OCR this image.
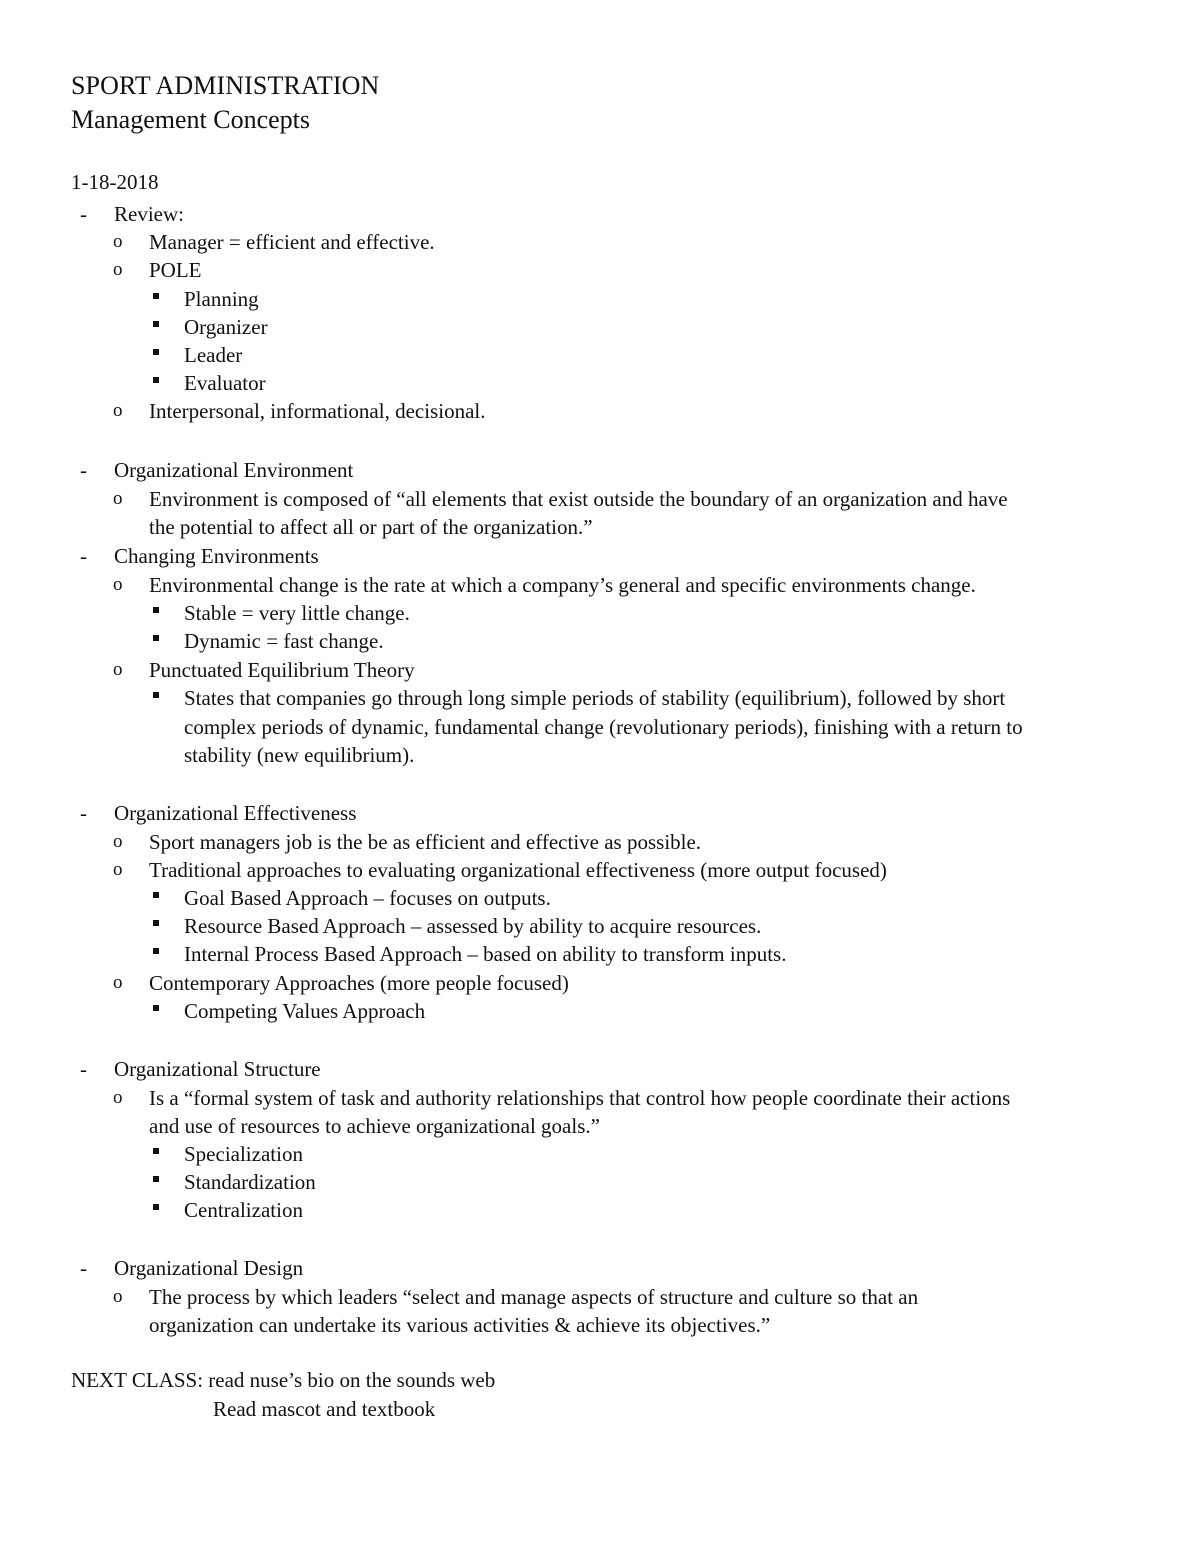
SPORT ADMINISTRATION
Management Concepts
1-18-2018
- Review:
o Manager = efficient and effective.
o POLE
Planning
Organizer
Leader
Evaluator
o Interpersonal, informational, decisional.
- Organizational Environment
o Environment is composed of “all elements that exist outside the boundary of an organization and have
the potential to affect all or part of the organization.”
- Changing Environments
o Environmental change is the rate at which a company’s general and specific environments change.
Stable = very little change.
Dynamic = fast change.
o Punctuated Equilibrium Theory
States that companies go through long simple periods of stability (equilibrium), followed by short
complex periods of dynamic, fundamental change (revolutionary periods), finishing with a return to
stability (new equilibrium).
- Organizational Effectiveness
o Sport managers job is the be as efficient and effective as possible.
o Traditional approaches to evaluating organizational effectiveness (more output focused)
Goal Based Approach – focuses on outputs.
Resource Based Approach – assessed by ability to acquire resources.
Internal Process Based Approach – based on ability to transform inputs.
o Contemporary Approaches (more people focused)
Competing Values Approach
- Organizational Structure
o Is a “formal system of task and authority relationships that control how people coordinate their actions
and use of resources to achieve organizational goals.”
Specialization
Standardization
Centralization
- Organizational Design
o The process by which leaders “select and manage aspects of structure and culture so that an
organization can undertake its various activities & achieve its objectives.”
NEXT CLASS: read nuse’s bio on the sounds web
Read mascot and textbook
